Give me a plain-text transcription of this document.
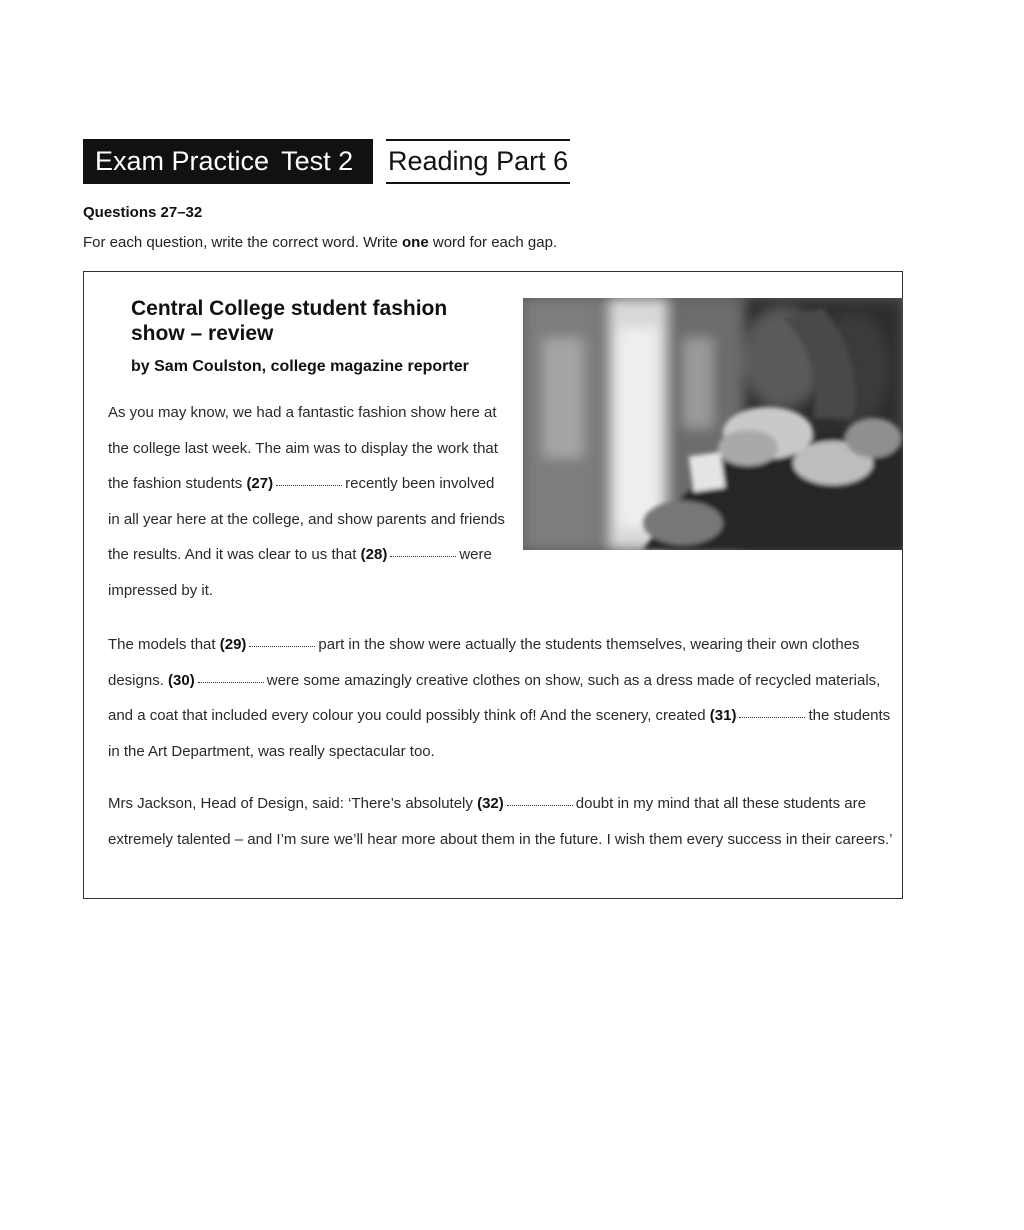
Exam Practice Test 2	Reading Part 6
Questions 27–32
For each question, write the correct word. Write one word for each gap.
Central College student fashion show – review
by Sam Coulston, college magazine reporter
As you may know, we had a fantastic fashion show here at the college last week. The aim was to display the work that the fashion students (27)	recently been involved in all year here at the college, and show parents and friends the results. And it was clear to us that (28)	were impressed by it.
The models that (29)	part in the show were actually the students themselves, wearing their own clothes designs. (30)	were some amazingly creative clothes on show, such as a dress made of recycled materials, and a coat that included every colour you could possibly think of! And the scenery, created (31)	the students in the Art Department, was really spectacular too.
Mrs Jackson, Head of Design, said: ‘There’s absolutely (32)	doubt in my mind that all these students are extremely talented – and I’m sure we’ll hear more about them in the future. I wish them every success in their careers.’
